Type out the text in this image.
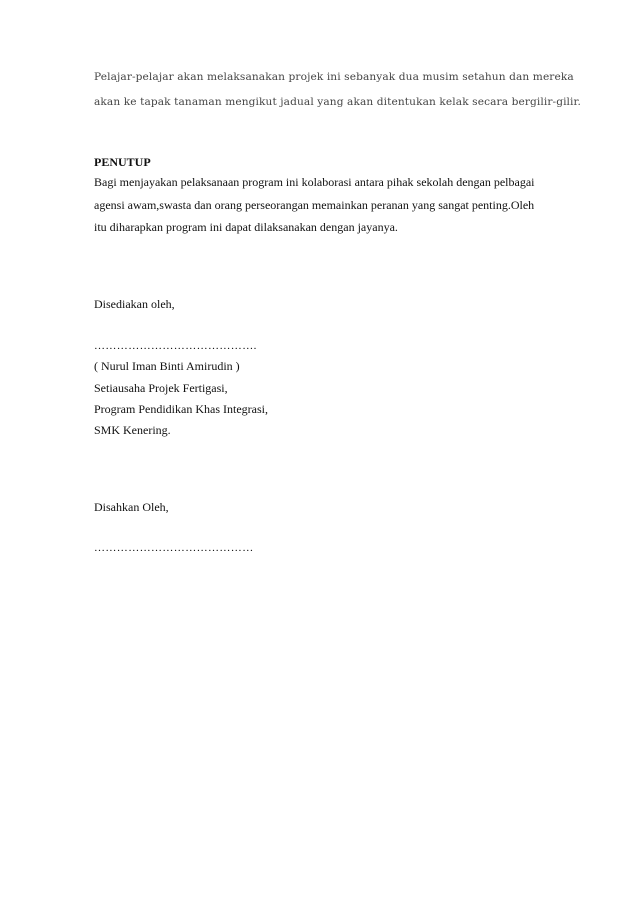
Pelajar-pelajar akan melaksanakan projek ini sebanyak dua musim setahun dan mereka
akan ke tapak tanaman mengikut jadual yang akan ditentukan kelak secara bergilir-gilir.
PENUTUP
Bagi menjayakan pelaksanaan program ini kolaborasi antara pihak sekolah dengan pelbagai
agensi awam,swasta dan orang perseorangan memainkan peranan yang sangat penting.Oleh
itu diharapkan program ini dapat dilaksanakan dengan jayanya.
Disediakan oleh,
…………………………………….
( Nurul Iman Binti Amirudin )
Setiausaha Projek Fertigasi,
Program Pendidikan Khas Integrasi,
SMK Kenering.
Disahkan Oleh,
……………………………………
